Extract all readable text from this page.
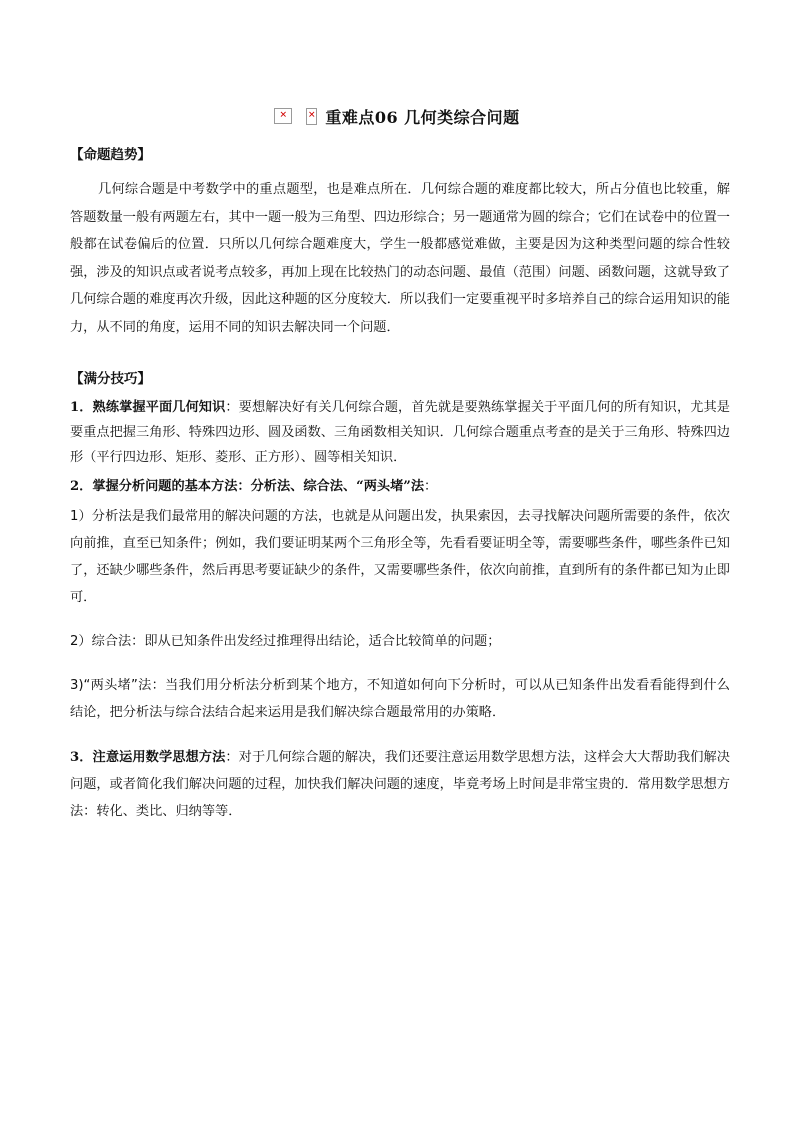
✕ ✕ 重难点06 几何类综合问题
【命题趋势】
几何综合题是中考数学中的重点题型，也是难点所在．几何综合题的难度都比较大，所占分值也比较重，解答题数量一般有两题左右，其中一题一般为三角型、四边形综合；另一题通常为圆的综合；它们在试卷中的位置一般都在试卷偏后的位置．只所以几何综合题难度大，学生一般都感觉难做，主要是因为这种类型问题的综合性较强，涉及的知识点或者说考点较多，再加上现在比较热门的动态问题、最值（范围）问题、函数问题，这就导致了几何综合题的难度再次升级，因此这种题的区分度较大．所以我们一定要重视平时多培养自己的综合运用知识的能力，从不同的角度，运用不同的知识去解决同一个问题．
【满分技巧】
1．熟练掌握平面几何知识：要想解决好有关几何综合题，首先就是要熟练掌握关于平面几何的所有知识，尤其是要重点把握三角形、特殊四边形、圆及函数、三角函数相关知识．几何综合题重点考查的是关于三角形、特殊四边形（平行四边形、矩形、菱形、正方形）、圆等相关知识．
2．掌握分析问题的基本方法：分析法、综合法、“两头堵”法：
1）分析法是我们最常用的解决问题的方法，也就是从问题出发，执果索因，去寻找解决问题所需要的条件，依次向前推，直至已知条件；例如，我们要证明某两个三角形全等，先看看要证明全等，需要哪些条件，哪些条件已知了，还缺少哪些条件，然后再思考要证缺少的条件，又需要哪些条件，依次向前推，直到所有的条件都已知为止即可．
2）综合法：即从已知条件出发经过推理得出结论，适合比较简单的问题；
3)“两头堵”法：当我们用分析法分析到某个地方，不知道如何向下分析时，可以从已知条件出发看看能得到什么结论，把分析法与综合法结合起来运用是我们解决综合题最常用的办策略．
3．注意运用数学思想方法：对于几何综合题的解决，我们还要注意运用数学思想方法，这样会大大帮助我们解决问题，或者简化我们解决问题的过程，加快我们解决问题的速度，毕竟考场上时间是非常宝贵的．常用数学思想方法：转化、类比、归纳等等．
